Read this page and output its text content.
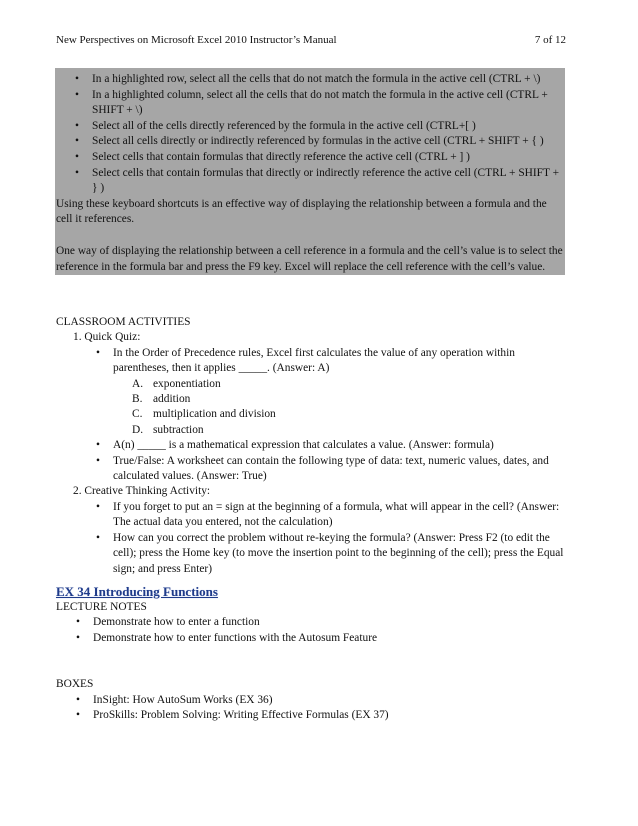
New Perspectives on Microsoft Excel 2010 Instructor’s Manual	7 of 12
• In a highlighted row, select all the cells that do not match the formula in the active cell (CTRL + \)
• In a highlighted column, select all the cells that do not match the formula in the active cell (CTRL + SHIFT + \)
• Select all of the cells directly referenced by the formula in the active cell (CTRL+[ )
• Select all cells directly or indirectly referenced by formulas in the active cell (CTRL + SHIFT + { )
• Select cells that contain formulas that directly reference the active cell (CTRL + ] )
• Select cells that contain formulas that directly or indirectly reference the active cell (CTRL + SHIFT + } )
Using these keyboard shortcuts is an effective way of displaying the relationship between a formula and the cell it references.
One way of displaying the relationship between a cell reference in a formula and the cell’s value is to select the reference in the formula bar and press the F9 key. Excel will replace the cell reference with the cell’s value.
CLASSROOM ACTIVITIES
1. Quick Quiz:
• In the Order of Precedence rules, Excel first calculates the value of any operation within parentheses, then it applies _____. (Answer: A)
A. exponentiation
B. addition
C. multiplication and division
D. subtraction
• A(n) _____ is a mathematical expression that calculates a value. (Answer: formula)
• True/False: A worksheet can contain the following type of data: text, numeric values, dates, and calculated values. (Answer: True)
2. Creative Thinking Activity:
• If you forget to put an = sign at the beginning of a formula, what will appear in the cell? (Answer: The actual data you entered, not the calculation)
• How can you correct the problem without re-keying the formula? (Answer: Press F2 (to edit the cell); press the Home key (to move the insertion point to the beginning of the cell); press the Equal sign; and press Enter)
EX 34 Introducing Functions
LECTURE NOTES
• Demonstrate how to enter a function
• Demonstrate how to enter functions with the Autosum Feature
BOXES
• InSight: How AutoSum Works (EX 36)
• ProSkills: Problem Solving: Writing Effective Formulas (EX 37)
